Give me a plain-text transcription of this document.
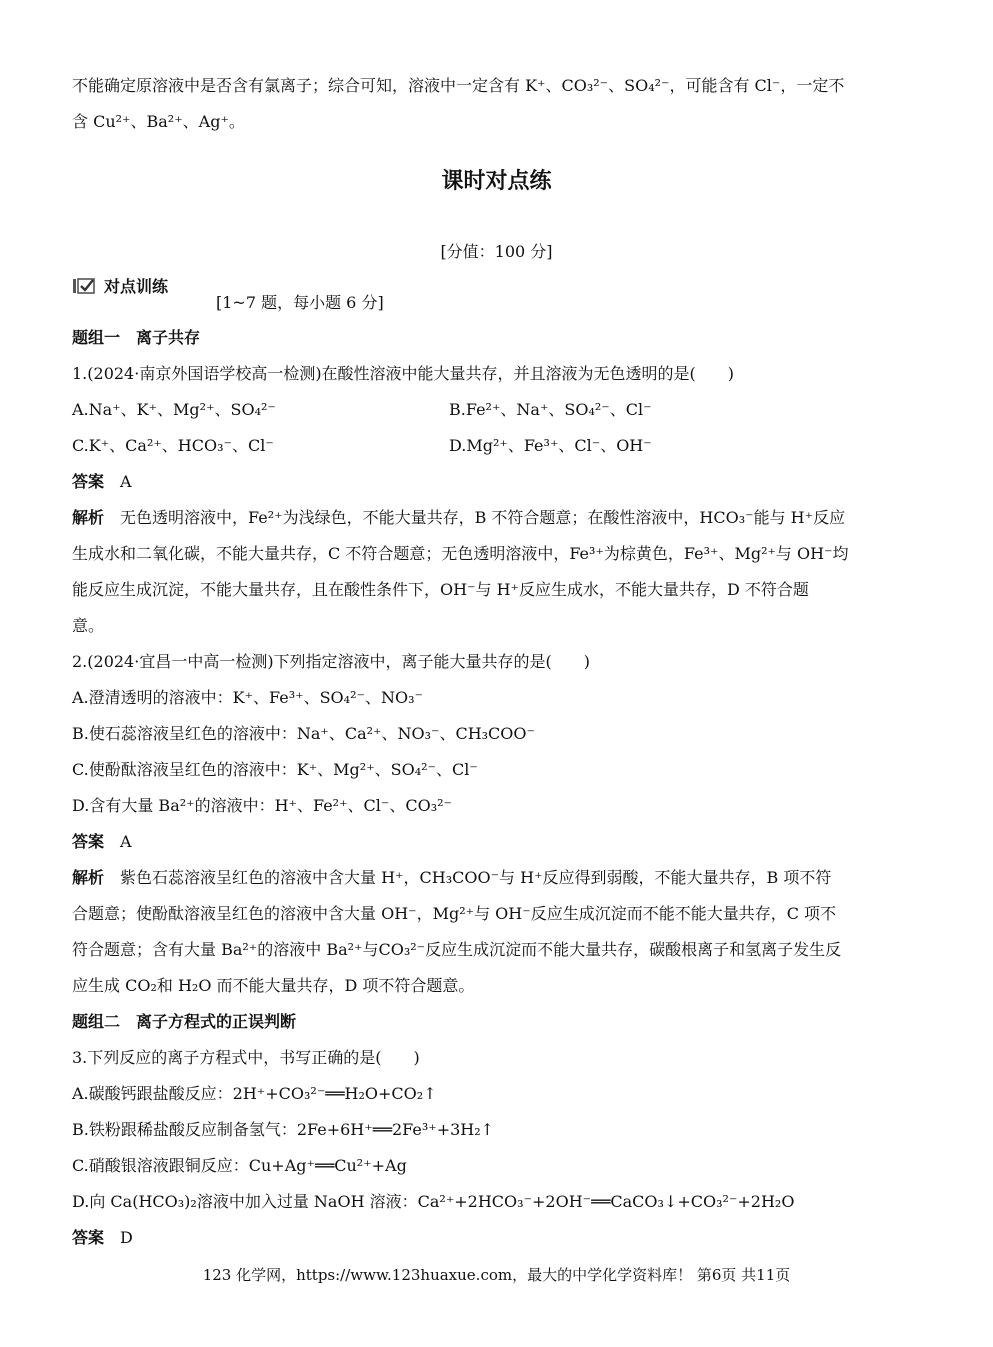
不能确定原溶液中是否含有氯离子；综合可知，溶液中一定含有 K⁺、CO₃²⁻、SO₄²⁻，可能含有 Cl⁻，一定不
含 Cu²⁺、Ba²⁺、Ag⁺。
课时对点练
[分值：100 分]
对点训练
[1~7 题，每小题 6 分]
题组一　离子共存
1.(2024·南京外国语学校高一检测)在酸性溶液中能大量共存，并且溶液为无色透明的是(　　)
A.Na⁺、K⁺、Mg²⁺、SO₄²⁻	B.Fe²⁺、Na⁺、SO₄²⁻、Cl⁻
C.K⁺、Ca²⁺、HCO₃⁻、Cl⁻	D.Mg²⁺、Fe³⁺、Cl⁻、OH⁻
答案 A
解析 无色透明溶液中，Fe²⁺为浅绿色，不能大量共存，B 不符合题意；在酸性溶液中，HCO₃⁻能与 H⁺反应
生成水和二氧化碳，不能大量共存，C 不符合题意；无色透明溶液中，Fe³⁺为棕黄色，Fe³⁺、Mg²⁺与 OH⁻均
能反应生成沉淀，不能大量共存，且在酸性条件下，OH⁻与 H⁺反应生成水，不能大量共存，D 不符合题
意。
2.(2024·宜昌一中高一检测)下列指定溶液中，离子能大量共存的是(　　)
A.澄清透明的溶液中：K⁺、Fe³⁺、SO₄²⁻、NO₃⁻
B.使石蕊溶液呈红色的溶液中：Na⁺、Ca²⁺、NO₃⁻、CH₃COO⁻
C.使酚酞溶液呈红色的溶液中：K⁺、Mg²⁺、SO₄²⁻、Cl⁻
D.含有大量 Ba²⁺的溶液中：H⁺、Fe²⁺、Cl⁻、CO₃²⁻
答案 A
解析 紫色石蕊溶液呈红色的溶液中含大量 H⁺，CH₃COO⁻与 H⁺反应得到弱酸，不能大量共存，B 项不符
合题意；使酚酞溶液呈红色的溶液中含大量 OH⁻，Mg²⁺与 OH⁻反应生成沉淀而不能不能大量共存，C 项不
符合题意；含有大量 Ba²⁺的溶液中 Ba²⁺与CO₃²⁻反应生成沉淀而不能大量共存，碳酸根离子和氢离子发生反
应生成 CO₂和 H₂O 而不能大量共存，D 项不符合题意。
题组二　离子方程式的正误判断
3.下列反应的离子方程式中，书写正确的是(　　)
A.碳酸钙跟盐酸反应：2H⁺+CO₃²⁻══H₂O+CO₂↑
B.铁粉跟稀盐酸反应制备氢气：2Fe+6H⁺══2Fe³⁺+3H₂↑
C.硝酸银溶液跟铜反应：Cu+Ag⁺══Cu²⁺+Ag
D.向 Ca(HCO₃)₂溶液中加入过量 NaOH 溶液：Ca²⁺+2HCO₃⁻+2OH⁻══CaCO₃↓+CO₃²⁻+2H₂O
答案 D
123 化学网，https://www.123huaxue.com，最大的中学化学资料库！ 第6页 共11页
